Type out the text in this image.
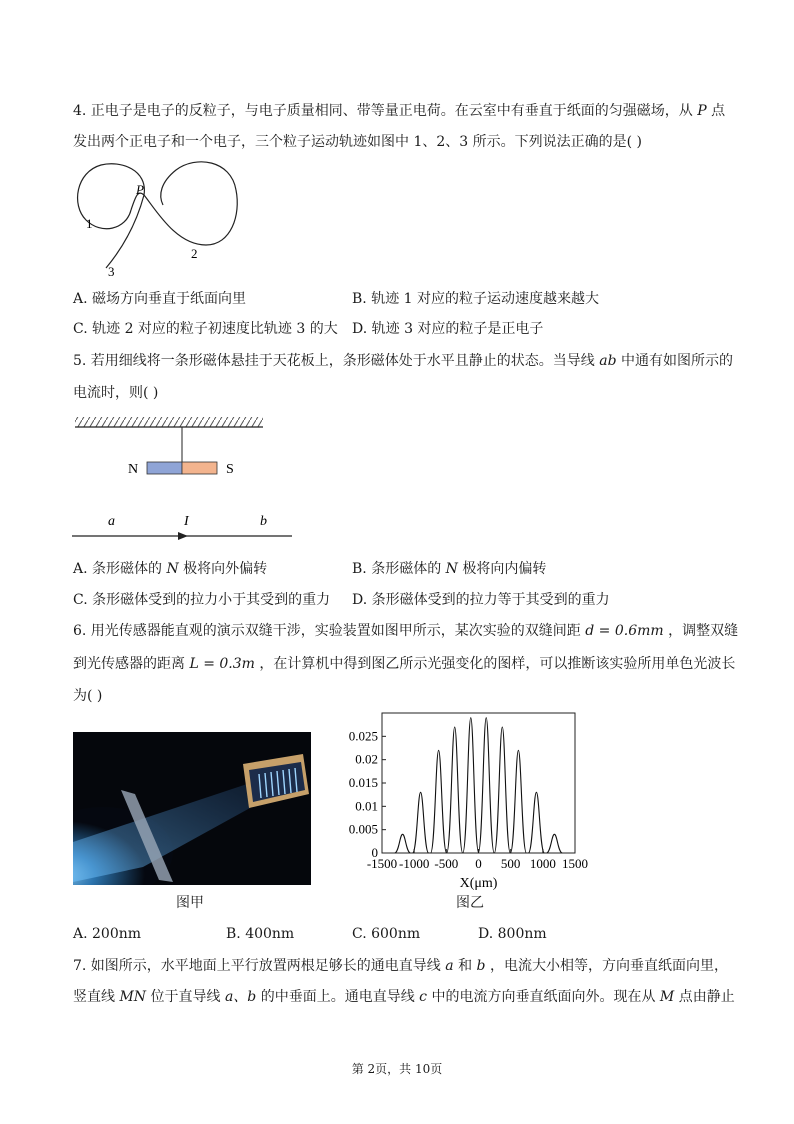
4. 正电子是电子的反粒子，与电子质量相同、带等量正电荷。在云室中有垂直于纸面的匀强磁场，从 P 点
发出两个正电子和一个电子，三个粒子运动轨迹如图中 1、2、3 所示。下列说法正确的是( )
P
1
2
3
A. 磁场方向垂直于纸面向里	B. 轨迹 1 对应的粒子运动速度越来越大
C. 轨迹 2 对应的粒子初速度比轨迹 3 的大 D. 轨迹 3 对应的粒子是正电子
5. 若用细线将一条形磁体悬挂于天花板上，条形磁体处于水平且静止的状态。当导线 ab 中通有如图所示的
电流时，则( )
N	S
a	I	b
A. 条形磁体的 N 极将向外偏转	B. 条形磁体的 N 极将向内偏转
C. 条形磁体受到的拉力小于其受到的重力 D. 条形磁体受到的拉力等于其受到的重力
6. 用光传感器能直观的演示双缝干涉，实验装置如图甲所示，某次实验的双缝间距 d = 0.6mm ，调整双缝
到光传感器的距离 L = 0.3m ，在计算机中得到图乙所示光强变化的图样，可以推断该实验所用单色光波长
为( )
图甲
0
0.005
0.01
0.015
0.02
0.025
-1500 -1000 -500 0 500 1000 1500
X(μm)
图乙
A. 200nm	B. 400nm	C. 600nm	D. 800nm
7. 如图所示，水平地面上平行放置两根足够长的通电直导线 a 和 b ，电流大小相等，方向垂直纸面向里，
竖直线 MN 位于直导线 a、b 的中垂面上。通电直导线 c 中的电流方向垂直纸面向外。现在从 M 点由静止
第 2页，共 10页
